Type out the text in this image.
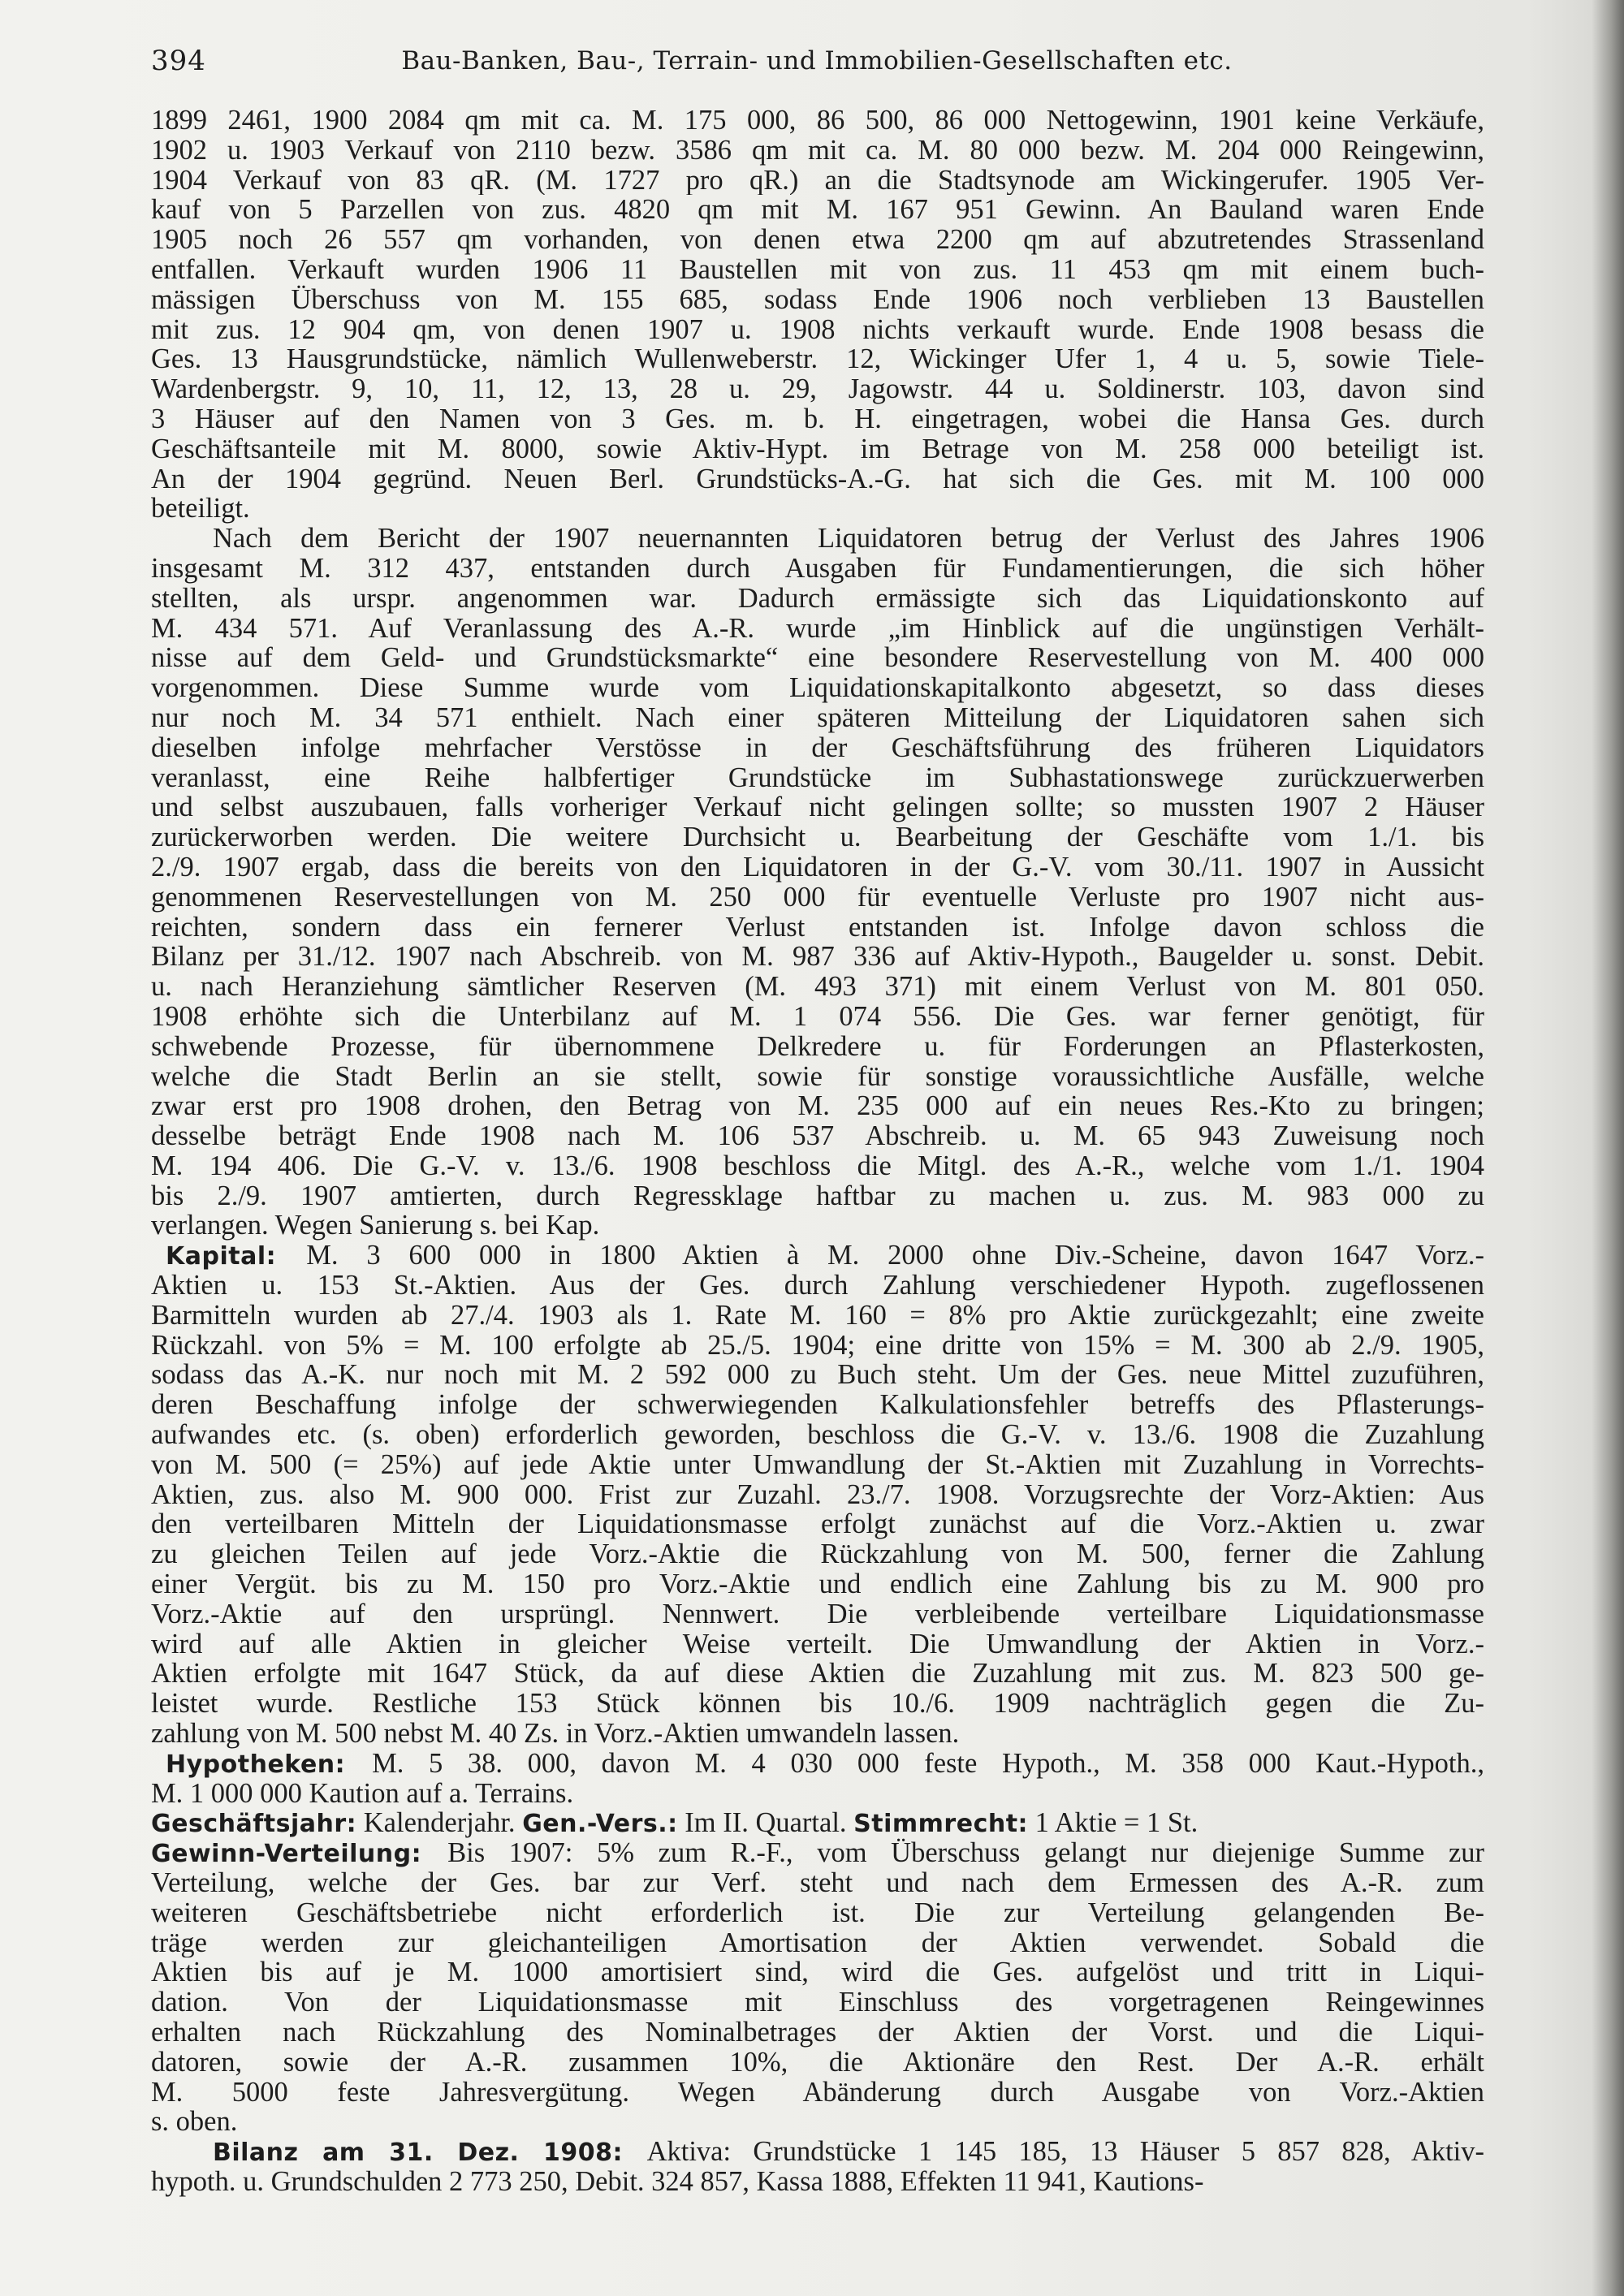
394	Bau-Banken, Bau-, Terrain- und Immobilien-Gesellschaften etc.
1899 2461, 1900 2084 qm mit ca. M. 175 000, 86 500, 86 000 Nettogewinn, 1901 keine Verkäufe,
1902 u. 1903 Verkauf von 2110 bezw. 3586 qm mit ca. M. 80 000 bezw. M. 204 000 Reingewinn,
1904 Verkauf von 83 qR. (M. 1727 pro qR.) an die Stadtsynode am Wickingerufer. 1905 Ver-
kauf von 5 Parzellen von zus. 4820 qm mit M. 167 951 Gewinn. An Bauland waren Ende
1905 noch 26 557 qm vorhanden, von denen etwa 2200 qm auf abzutretendes Strassenland
entfallen. Verkauft wurden 1906 11 Baustellen mit von zus. 11 453 qm mit einem buch-
mässigen Überschuss von M. 155 685, sodass Ende 1906 noch verblieben 13 Baustellen
mit zus. 12 904 qm, von denen 1907 u. 1908 nichts verkauft wurde. Ende 1908 besass die
Ges. 13 Hausgrundstücke, nämlich Wullenweberstr. 12, Wickinger Ufer 1, 4 u. 5, sowie Tiele-
Wardenbergstr. 9, 10, 11, 12, 13, 28 u. 29, Jagowstr. 44 u. Soldinerstr. 103, davon sind
3 Häuser auf den Namen von 3 Ges. m. b. H. eingetragen, wobei die Hansa Ges. durch
Geschäftsanteile mit M. 8000, sowie Aktiv-Hypt. im Betrage von M. 258 000 beteiligt ist.
An der 1904 gegründ. Neuen Berl. Grundstücks-A.-G. hat sich die Ges. mit M. 100 000
beteiligt.
Nach dem Bericht der 1907 neuernannten Liquidatoren betrug der Verlust des Jahres 1906
insgesamt M. 312 437, entstanden durch Ausgaben für Fundamentierungen, die sich höher
stellten, als urspr. angenommen war. Dadurch ermässigte sich das Liquidationskonto auf
M. 434 571. Auf Veranlassung des A.-R. wurde „im Hinblick auf die ungünstigen Verhält-
nisse auf dem Geld- und Grundstücksmarkte“ eine besondere Reservestellung von M. 400 000
vorgenommen. Diese Summe wurde vom Liquidationskapitalkonto abgesetzt, so dass dieses
nur noch M. 34 571 enthielt. Nach einer späteren Mitteilung der Liquidatoren sahen sich
dieselben infolge mehrfacher Verstösse in der Geschäftsführung des früheren Liquidators
veranlasst, eine Reihe halbfertiger Grundstücke im Subhastationswege zurückzuerwerben
und selbst auszubauen, falls vorheriger Verkauf nicht gelingen sollte; so mussten 1907 2 Häuser
zurückerworben werden. Die weitere Durchsicht u. Bearbeitung der Geschäfte vom 1./1. bis
2./9. 1907 ergab, dass die bereits von den Liquidatoren in der G.-V. vom 30./11. 1907 in Aussicht
genommenen Reservestellungen von M. 250 000 für eventuelle Verluste pro 1907 nicht aus-
reichten, sondern dass ein fernerer Verlust entstanden ist. Infolge davon schloss die
Bilanz per 31./12. 1907 nach Abschreib. von M. 987 336 auf Aktiv-Hypoth., Baugelder u. sonst. Debit.
u. nach Heranziehung sämtlicher Reserven (M. 493 371) mit einem Verlust von M. 801 050.
1908 erhöhte sich die Unterbilanz auf M. 1 074 556. Die Ges. war ferner genötigt, für
schwebende Prozesse, für übernommene Delkredere u. für Forderungen an Pflasterkosten,
welche die Stadt Berlin an sie stellt, sowie für sonstige voraussichtliche Ausfälle, welche
zwar erst pro 1908 drohen, den Betrag von M. 235 000 auf ein neues Res.-Kto zu bringen;
desselbe beträgt Ende 1908 nach M. 106 537 Abschreib. u. M. 65 943 Zuweisung noch
M. 194 406. Die G.-V. v. 13./6. 1908 beschloss die Mitgl. des A.-R., welche vom 1./1. 1904
bis 2./9. 1907 amtierten, durch Regressklage haftbar zu machen u. zus. M. 983 000 zu
verlangen. Wegen Sanierung s. bei Kap.
Kapital: M. 3 600 000 in 1800 Aktien à M. 2000 ohne Div.-Scheine, davon 1647 Vorz.-
Aktien u. 153 St.-Aktien. Aus der Ges. durch Zahlung verschiedener Hypoth. zugeflossenen
Barmitteln wurden ab 27./4. 1903 als 1. Rate M. 160 = 8% pro Aktie zurückgezahlt; eine zweite
Rückzahl. von 5% = M. 100 erfolgte ab 25./5. 1904; eine dritte von 15% = M. 300 ab 2./9. 1905,
sodass das A.-K. nur noch mit M. 2 592 000 zu Buch steht. Um der Ges. neue Mittel zuzuführen,
deren Beschaffung infolge der schwerwiegenden Kalkulationsfehler betreffs des Pflasterungs-
aufwandes etc. (s. oben) erforderlich geworden, beschloss die G.-V. v. 13./6. 1908 die Zuzahlung
von M. 500 (= 25%) auf jede Aktie unter Umwandlung der St.-Aktien mit Zuzahlung in Vorrechts-
Aktien, zus. also M. 900 000. Frist zur Zuzahl. 23./7. 1908. Vorzugsrechte der Vorz-Aktien: Aus
den verteilbaren Mitteln der Liquidationsmasse erfolgt zunächst auf die Vorz.-Aktien u. zwar
zu gleichen Teilen auf jede Vorz.-Aktie die Rückzahlung von M. 500, ferner die Zahlung
einer Vergüt. bis zu M. 150 pro Vorz.-Aktie und endlich eine Zahlung bis zu M. 900 pro
Vorz.-Aktie auf den ursprüngl. Nennwert. Die verbleibende verteilbare Liquidationsmasse
wird auf alle Aktien in gleicher Weise verteilt. Die Umwandlung der Aktien in Vorz.-
Aktien erfolgte mit 1647 Stück, da auf diese Aktien die Zuzahlung mit zus. M. 823 500 ge-
leistet wurde. Restliche 153 Stück können bis 10./6. 1909 nachträglich gegen die Zu-
zahlung von M. 500 nebst M. 40 Zs. in Vorz.-Aktien umwandeln lassen.
Hypotheken: M. 5 38. 000, davon M. 4 030 000 feste Hypoth., M. 358 000 Kaut.-Hypoth.,
M. 1 000 000 Kaution auf a. Terrains.
Geschäftsjahr: Kalenderjahr. Gen.-Vers.: Im II. Quartal. Stimmrecht: 1 Aktie = 1 St.
Gewinn-Verteilung: Bis 1907: 5% zum R.-F., vom Überschuss gelangt nur diejenige Summe zur
Verteilung, welche der Ges. bar zur Verf. steht und nach dem Ermessen des A.-R. zum
weiteren Geschäftsbetriebe nicht erforderlich ist. Die zur Verteilung gelangenden Be-
träge werden zur gleichanteiligen Amortisation der Aktien verwendet. Sobald die
Aktien bis auf je M. 1000 amortisiert sind, wird die Ges. aufgelöst und tritt in Liqui-
dation. Von der Liquidationsmasse mit Einschluss des vorgetragenen Reingewinnes
erhalten nach Rückzahlung des Nominalbetrages der Aktien der Vorst. und die Liqui-
datoren, sowie der A.-R. zusammen 10%, die Aktionäre den Rest. Der A.-R. erhält
M. 5000 feste Jahresvergütung. Wegen Abänderung durch Ausgabe von Vorz.-Aktien
s. oben.
Bilanz am 31. Dez. 1908: Aktiva: Grundstücke 1 145 185, 13 Häuser 5 857 828, Aktiv-
hypoth. u. Grundschulden 2 773 250, Debit. 324 857, Kassa 1888, Effekten 11 941, Kautions-
